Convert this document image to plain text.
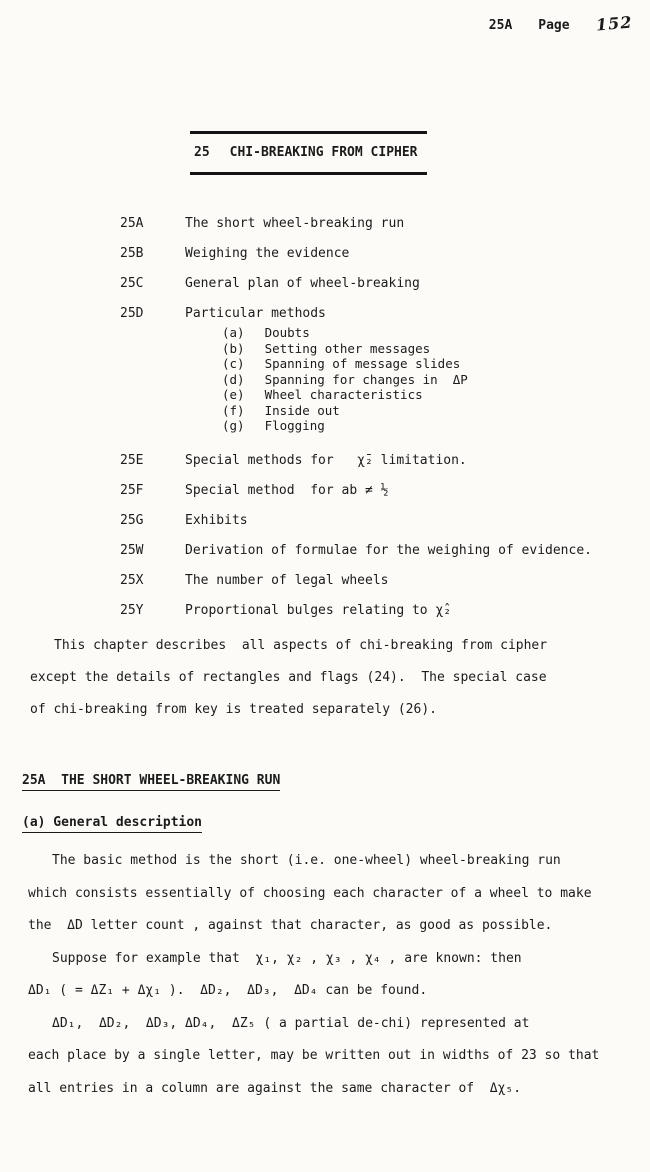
25A Page 152
25 CHI-BREAKING FROM CIPHER
25A	The short wheel-breaking run
25B	Weighing the evidence
25C	General plan of wheel-breaking
25D	Particular methods
(a) Doubts
(b) Setting other messages
(c) Spanning of message slides
(d) Spanning for changes in  ΔP
(e) Wheel characteristics
(f) Inside out
(g) Flogging
25E	Special methods for   χ̄₂ limitation.
25F	Special method  for ab ≠ ½
25G	Exhibits
25W	Derivation of formulae for the weighing of evidence.
25X	The number of legal wheels
25Y	Proportional bulges relating to χ̂₂
This chapter describes  all aspects of chi-breaking from cipher
except the details of rectangles and flags (24).  The special case
of chi-breaking from key is treated separately (26).
25A  THE SHORT WHEEL-BREAKING RUN
(a) General description
The basic method is the short (i.e. one-wheel) wheel-breaking run
which consists essentially of choosing each character of a wheel to make
the  ΔD letter count , against that character, as good as possible.
Suppose for example that  χ₁, χ₂ , χ₃ , χ₄ , are known: then
ΔD₁ ( = ΔZ₁ + Δχ₁ ).  ΔD₂,  ΔD₃,  ΔD₄ can be found.
ΔD₁,  ΔD₂,  ΔD₃, ΔD₄,  ΔZ₅ ( a partial de-chi) represented at
each place by a single letter, may be written out in widths of 23 so that
all entries in a column are against the same character of  Δχ₅.
